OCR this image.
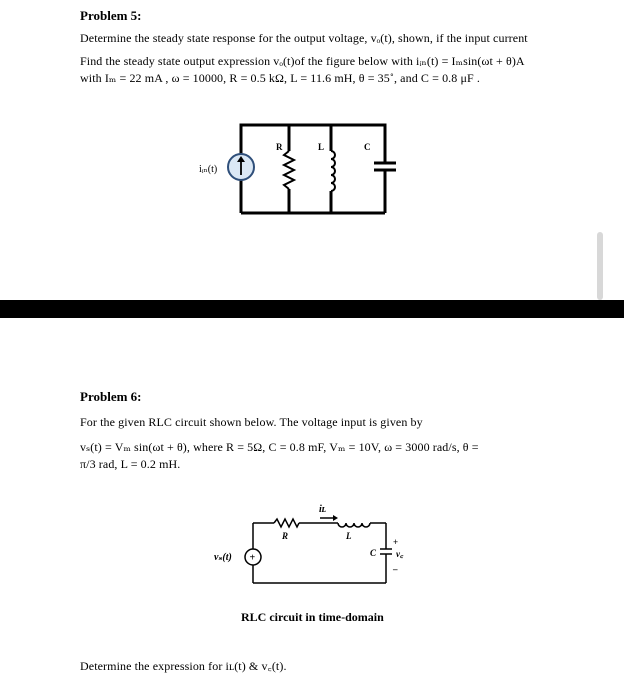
Problem 5:
Determine the steady state response for the output voltage, vₒ(t), shown, if the input current
Find the steady state output expression vₒ(t)of the figure below with iᵢₙ(t) = Iₘsin(ωt + θ)A
with Iₘ = 22 mA , ω = 10000, R = 0.5 kΩ, L = 11.6 mH, θ = 35˚, and C = 0.8 μF .
iᵢₙ(t)
R	L	C
Problem 6:
For the given RLC circuit shown below. The voltage input is given by
vₛ(t) = Vₘ sin(ωt + θ), where R = 5Ω, C = 0.8 mF, Vₘ = 10V, ω = 3000 rad/s, θ =
π/3 rad, L = 0.2 mH.
+
vₛ(t)
R	L
iʟ
C
+
v꜀
–
RLC circuit in time-domain
Determine the expression for iʟ(t) & v꜀(t).
